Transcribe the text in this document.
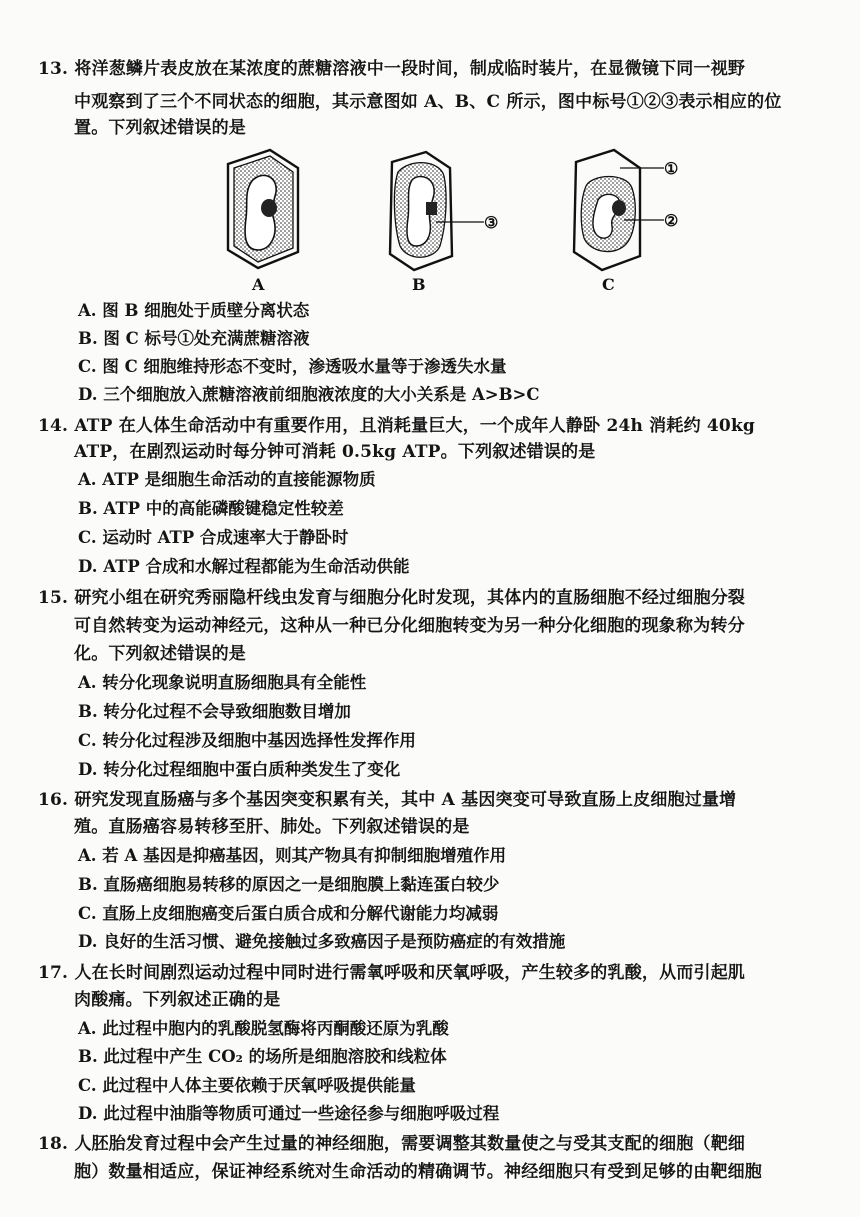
13. 将洋葱鳞片表皮放在某浓度的蔗糖溶液中一段时间，制成临时装片，在显微镜下同一视野
中观察到了三个不同状态的细胞，其示意图如 A、B、C 所示，图中标号①②③表示相应的位
置。下列叙述错误的是
A
③
B
①
②
C
A. 图 B 细胞处于质壁分离状态
B. 图 C 标号①处充满蔗糖溶液
C. 图 C 细胞维持形态不变时，渗透吸水量等于渗透失水量
D. 三个细胞放入蔗糖溶液前细胞液浓度的大小关系是 A>B>C
14. ATP 在人体生命活动中有重要作用，且消耗量巨大，一个成年人静卧 24h 消耗约 40kg
ATP，在剧烈运动时每分钟可消耗 0.5kg ATP。下列叙述错误的是
A. ATP 是细胞生命活动的直接能源物质
B. ATP 中的高能磷酸键稳定性较差
C. 运动时 ATP 合成速率大于静卧时
D. ATP 合成和水解过程都能为生命活动供能
15. 研究小组在研究秀丽隐杆线虫发育与细胞分化时发现，其体内的直肠细胞不经过细胞分裂
可自然转变为运动神经元，这种从一种已分化细胞转变为另一种分化细胞的现象称为转分
化。下列叙述错误的是
A. 转分化现象说明直肠细胞具有全能性
B. 转分化过程不会导致细胞数目增加
C. 转分化过程涉及细胞中基因选择性发挥作用
D. 转分化过程细胞中蛋白质种类发生了变化
16. 研究发现直肠癌与多个基因突变积累有关，其中 A 基因突变可导致直肠上皮细胞过量增
殖。直肠癌容易转移至肝、肺处。下列叙述错误的是
A. 若 A 基因是抑癌基因，则其产物具有抑制细胞增殖作用
B. 直肠癌细胞易转移的原因之一是细胞膜上黏连蛋白较少
C. 直肠上皮细胞癌变后蛋白质合成和分解代谢能力均减弱
D. 良好的生活习惯、避免接触过多致癌因子是预防癌症的有效措施
17. 人在长时间剧烈运动过程中同时进行需氧呼吸和厌氧呼吸，产生较多的乳酸，从而引起肌
肉酸痛。下列叙述正确的是
A. 此过程中胞内的乳酸脱氢酶将丙酮酸还原为乳酸
B. 此过程中产生 CO₂ 的场所是细胞溶胶和线粒体
C. 此过程中人体主要依赖于厌氧呼吸提供能量
D. 此过程中油脂等物质可通过一些途径参与细胞呼吸过程
18. 人胚胎发育过程中会产生过量的神经细胞，需要调整其数量使之与受其支配的细胞（靶细
胞）数量相适应，保证神经系统对生命活动的精确调节。神经细胞只有受到足够的由靶细胞
